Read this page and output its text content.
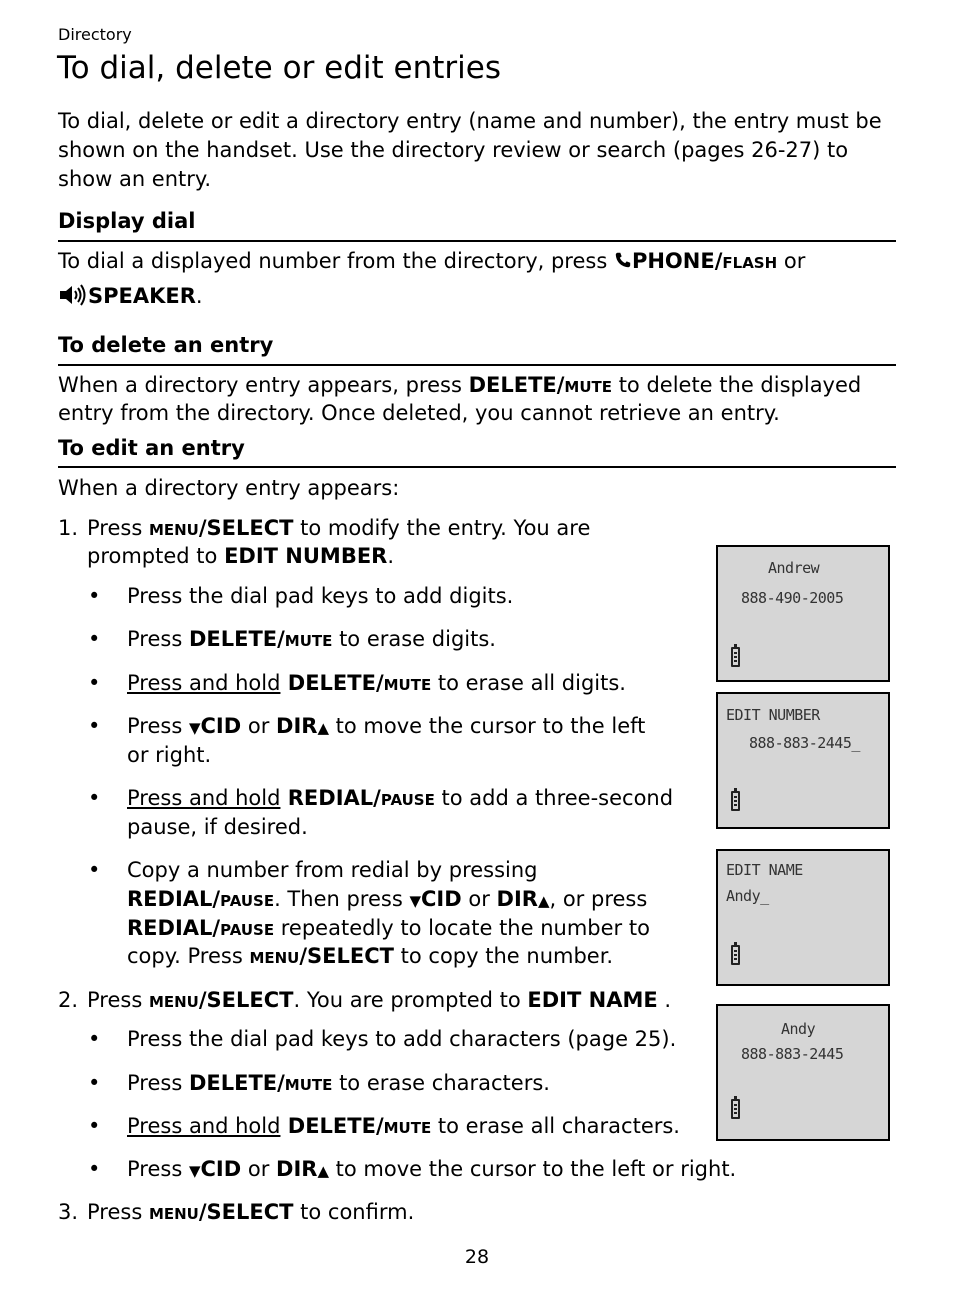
Directory
To dial, delete or edit entries
To dial, delete or edit a directory entry (name and number), the entry must be
shown on the handset. Use the directory review or search (pages 26-27) to
show an entry.
Display dial
To dial a displayed number from the directory, press PHONE/FLASH or
SPEAKER.
To delete an entry
When a directory entry appears, press DELETE/MUTE to delete the displayed
entry from the directory. Once deleted, you cannot retrieve an entry.
To edit an entry
When a directory entry appears:
1. Press MENU/SELECT to modify the entry. You are
prompted to EDIT NUMBER.
• Press the dial pad keys to add digits.
• Press DELETE/MUTE to erase digits.
• Press and hold DELETE/MUTE to erase all digits.
• Press ▼CID or DIR▲ to move the cursor to the left
or right.
• Press and hold REDIAL/PAUSE to add a three-second
pause, if desired.
• Copy a number from redial by pressing
REDIAL/PAUSE. Then press ▼CID or DIR▲, or press
REDIAL/PAUSE repeatedly to locate the number to
copy. Press MENU/SELECT to copy the number.
2. Press MENU/SELECT. You are prompted to EDIT NAME .
• Press the dial pad keys to add characters (page 25).
• Press DELETE/MUTE to erase characters.
• Press and hold DELETE/MUTE to erase all characters.
• Press ▼CID or DIR▲ to move the cursor to the left or right.
3. Press MENU/SELECT to confirm.
Andrew
888-490-2005
EDIT NUMBER
888-883-2445_
EDIT NAME
Andy_
Andy
888-883-2445
28
